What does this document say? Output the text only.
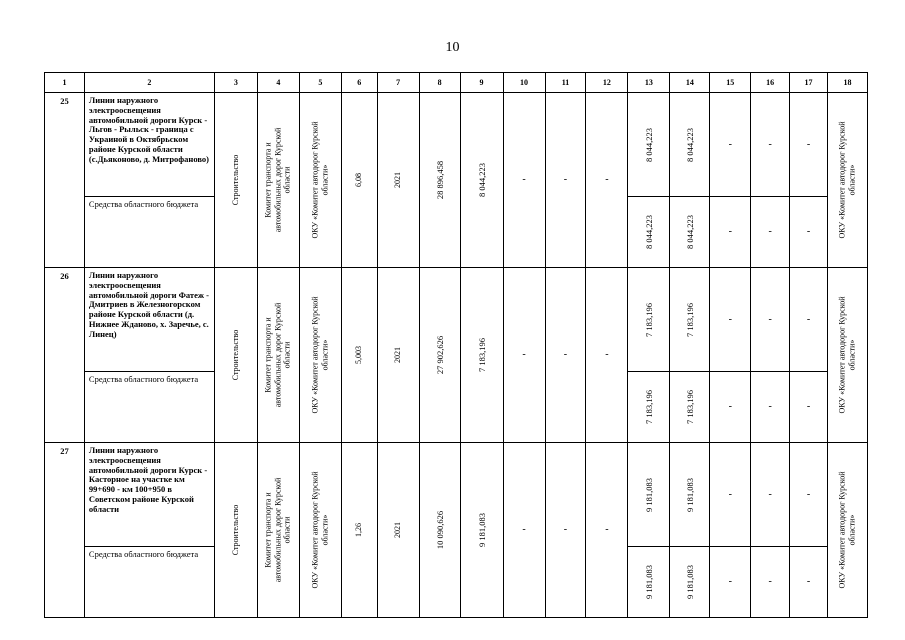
10
1	2	3	4	5	6	7	8	9	10	11	12	13	14	15	16	17	18
25	Линии наружного электроосвещения автомобильной дороги Курск - Льгов - Рыльск - граница с Украиной в Октябрьском районе Курской области (с.Дьяконово, д. Митрофаново)	Строительство	Комитет транспорта и автомобильных дорог Курской области	ОКУ «Комитет автодорог Курской области»	6,08	2021	28 896,458	8 044,223	-	-	-	8 044,223	8 044,223	-	-	-	ОКУ «Комитет автодорог Курской области»

	Средства областного бюджета											8 044,223	8 044,223	-	-	-	
26	Линии наружного электроосвещения автомобильной дороги Фатеж - Дмитриев в Железногорском районе Курской области (д. Нижнее Жданово, х. Заречье, с. Линец)	Строительство	Комитет транспорта и автомобильных дорог Курской области	ОКУ «Комитет автодорог Курской области»	5,003	2021	27 902,626	7 183,196	-	-	-	7 183,196	7 183,196	-	-	-	ОКУ «Комитет автодорог Курской области»

	Средства областного бюджета											7 183,196	7 183,196	-	-	-	
27	Линии наружного электроосвещения автомобильной дороги Курск - Касторное на участке км 99+690 - км 100+950 в Советском районе Курской области	Строительство	Комитет транспорта и автомобильных дорог Курской области	ОКУ «Комитет автодорог Курской области»	1,26	2021	10 090,626	9 181,083	-	-	-	9 181,083	9 181,083	-	-	-	ОКУ «Комитет автодорог Курской области»

	Средства областного бюджета											9 181,083	9 181,083	-	-	-	
